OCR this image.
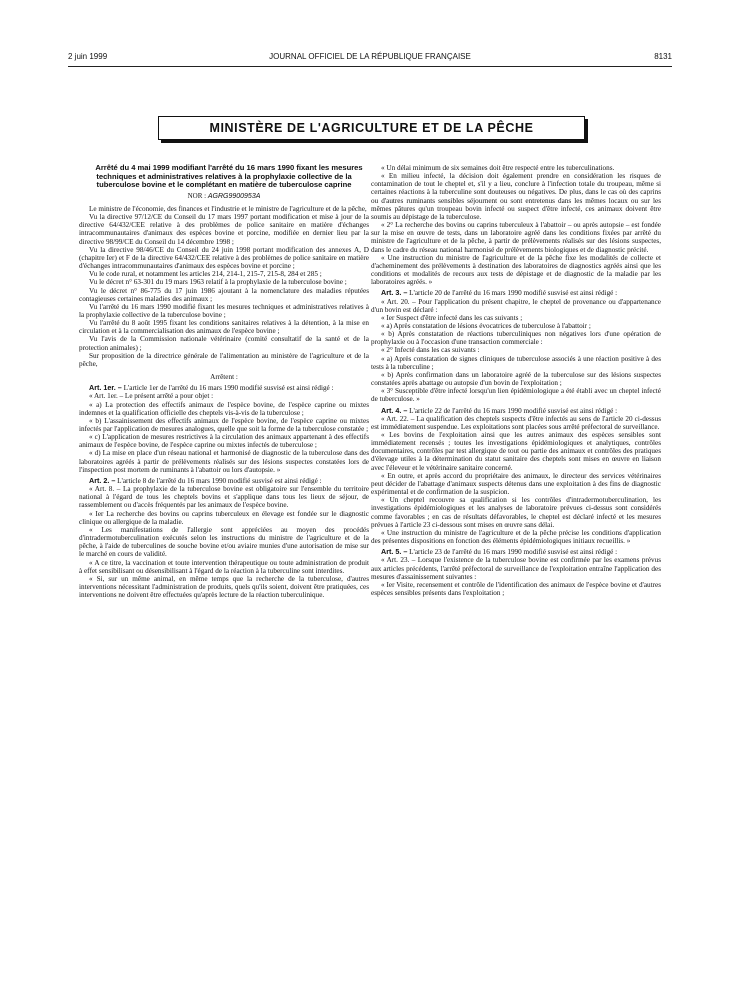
2 juin 1999	JOURNAL OFFICIEL DE LA RÉPUBLIQUE FRANÇAISE	8131
MINISTÈRE DE L'AGRICULTURE ET DE LA PÊCHE

Arrêté du 4 mai 1999 modifiant l'arrêté du 16 mars 1990 fixant les mesures techniques et administratives relatives à la prophylaxie collective de la tuberculose bovine et le complétant en matière de tuberculose caprine

NOR : AGRG9900953A

Le ministre de l'économie, des finances et l'industrie et le ministre de l'agriculture et de la pêche,

Vu la directive 97/12/CE du Conseil du 17 mars 1997 portant modification et mise à jour de la directive 64/432/CEE relative à des problèmes de police sanitaire en matière d'échanges intracommunautaires d'animaux des espèces bovine et porcine, modifiée en dernier lieu par la directive 98/99/CE du Conseil du 14 décembre 1998 ;

Vu la directive 98/46/CE du Conseil du 24 juin 1998 portant modification des annexes A, D (chapitre Ier) et F de la directive 64/432/CEE relative à des problèmes de police sanitaire en matière d'échanges intracommunautaires d'animaux des espèces bovine et porcine ;

Vu le code rural, et notamment les articles 214, 214-1, 215-7, 215-8, 284 et 285 ;

Vu le décret n° 63-301 du 19 mars 1963 relatif à la prophylaxie de la tuberculose bovine ;

Vu le décret n° 86-775 du 17 juin 1986 ajoutant à la nomenclature des maladies réputées contagieuses certaines maladies des animaux ;

Vu l'arrêté du 16 mars 1990 modifié fixant les mesures techniques et administratives relatives à la prophylaxie collective de la tuberculose bovine ;

Vu l'arrêté du 8 août 1995 fixant les conditions sanitaires relatives à la détention, à la mise en circulation et à la commercialisation des animaux de l'espèce bovine ;

Vu l'avis de la Commission nationale vétérinaire (comité consultatif de la santé et de la protection animales) ;

Sur proposition de la directrice générale de l'alimentation au ministère de l'agriculture et de la pêche,

Arrêtent :

Art. 1er. – L'article 1er de l'arrêté du 16 mars 1990 modifié susvisé est ainsi rédigé :

« Art. 1er. – Le présent arrêté a pour objet :

« a) La protection des effectifs animaux de l'espèce bovine, de l'espèce caprine ou mixtes indemnes et la qualification officielle des cheptels vis-à-vis de la tuberculose ;

« b) L'assainissement des effectifs animaux de l'espèce bovine, de l'espèce caprine ou mixtes infectés par l'application de mesures analogues, quelle que soit la forme de la tuberculose constatée ;

« c) L'application de mesures restrictives à la circulation des animaux appartenant à des effectifs animaux de l'espèce bovine, de l'espèce caprine ou mixtes infectés de tuberculose ;

« d) La mise en place d'un réseau national et harmonisé de diagnostic de la tuberculose dans des laboratoires agréés à partir de prélèvements réalisés sur des lésions suspectes constatées lors de l'inspection post mortem de ruminants à l'abattoir ou lors d'autopsie. »

Art. 2. – L'article 8 de l'arrêté du 16 mars 1990 modifié susvisé est ainsi rédigé :

« Art. 8. – La prophylaxie de la tuberculose bovine est obligatoire sur l'ensemble du territoire national à l'égard de tous les cheptels bovins et s'applique dans tous les lieux de séjour, de rassemblement ou d'accès fréquentés par les animaux de l'espèce bovine.

« Ier La recherche des bovins ou caprins tuberculeux en élevage est fondée sur le diagnostic clinique ou allergique de la maladie.

« Les manifestations de l'allergie sont appréciées au moyen des procédés d'intradermotuberculination exécutés selon les instructions du ministre de l'agriculture et de la pêche, à l'aide de tuberculines de souche bovine et/ou aviaire munies d'une autorisation de mise sur le marché en cours de validité.

« A ce titre, la vaccination et toute intervention thérapeutique ou toute administration de produit à effet sensibilisant ou désensibilisant à l'égard de la réaction à la tuberculine sont interdites.

« Si, sur un même animal, en même temps que la recherche de la tuberculose, d'autres interventions nécessitant l'administration de produits, quels qu'ils soient, doivent être pratiquées, ces interventions ne doivent être effectuées qu'après lecture de la réaction tuberculinique.

« Un délai minimum de six semaines doit être respecté entre les tuberculinations.

« En milieu infecté, la décision doit également prendre en considération les risques de contamination de tout le cheptel et, s'il y a lieu, conclure à l'infection totale du troupeau, même si certaines réactions à la tuberculine sont douteuses ou négatives. De plus, dans le cas où des caprins ou d'autres ruminants sensibles séjournent ou sont entretenus dans les mêmes locaux ou sur les mêmes pâtures qu'un troupeau bovin infecté ou suspect d'être infecté, ces animaux doivent être soumis au dépistage de la tuberculose.

« 2° La recherche des bovins ou caprins tuberculeux à l'abattoir – ou après autopsie – est fondée sur la mise en œuvre de tests, dans un laboratoire agréé dans les conditions fixées par arrêté du ministre de l'agriculture et de la pêche, à partir de prélèvements réalisés sur des lésions suspectes, dans le cadre du réseau national harmonisé de prélèvements biologiques et de diagnostic précité.

« Une instruction du ministre de l'agriculture et de la pêche fixe les modalités de collecte et d'acheminement des prélèvements à destination des laboratoires de diagnostics agréés ainsi que les conditions et modalités de recours aux tests de dépistage et de diagnostic de la maladie par les laboratoires agréés. »

Art. 3. – L'article 20 de l'arrêté du 16 mars 1990 modifié susvisé est ainsi rédigé :

« Art. 20. – Pour l'application du présent chapitre, le cheptel de provenance ou d'appartenance d'un bovin est déclaré :

« Ier Suspect d'être infecté dans les cas suivants ;

« a) Après constatation de lésions évocatrices de tuberculose à l'abattoir ;

« b) Après constatation de réactions tuberculiniques non négatives lors d'une opération de prophylaxie ou à l'occasion d'une transaction commerciale :

« 2° Infecté dans les cas suivants :

« a) Après constatation de signes cliniques de tuberculose associés à une réaction positive à des tests à la tuberculine ;

« b) Après confirmation dans un laboratoire agréé de la tuberculose sur des lésions suspectes constatées après abattage ou autopsie d'un bovin de l'exploitation ;

« 3° Susceptible d'être infecté lorsqu'un lien épidémiologique a été établi avec un cheptel infecté de tuberculose. »

Art. 4. – L'article 22 de l'arrêté du 16 mars 1990 modifié susvisé est ainsi rédigé :

« Art. 22. – La qualification des cheptels suspects d'être infectés au sens de l'article 20 ci-dessus est immédiatement suspendue. Les exploitations sont placées sous arrêté préfectoral de surveillance.

« Les bovins de l'exploitation ainsi que les autres animaux des espèces sensibles sont immédiatement recensés ; toutes les investigations épidémiologiques et analytiques, contrôles documentaires, contrôles par test allergique de tout ou partie des animaux et contrôles des pratiques d'élevage utiles à la détermination du statut sanitaire des cheptels sont mises en œuvre en liaison avec l'éleveur et le vétérinaire sanitaire concerné.

« En outre, et après accord du propriétaire des animaux, le directeur des services vétérinaires peut décider de l'abattage d'animaux suspects détenus dans une exploitation à des fins de diagnostic expérimental et de confirmation de la suspicion.

« Un cheptel recouvre sa qualification si les contrôles d'intradermotuberculination, les investigations épidémiologiques et les analyses de laboratoire prévues ci-dessus sont considérés comme favorables ; en cas de résultats défavorables, le cheptel est déclaré infecté et les mesures prévues à l'article 23 ci-dessous sont mises en œuvre sans délai.

« Une instruction du ministre de l'agriculture et de la pêche précise les conditions d'application des présentes dispositions en fonction des éléments épidémiologiques initiaux recueillis. »

Art. 5. – L'article 23 de l'arrêté du 16 mars 1990 modifié susvisé est ainsi rédigé :

« Art. 23. – Lorsque l'existence de la tuberculose bovine est confirmée par les examens prévus aux articles précédents, l'arrêté préfectoral de surveillance de l'exploitation entraîne l'application des mesures d'assainissement suivantes :

« Ier Visite, recensement et contrôle de l'identification des animaux de l'espèce bovine et d'autres espèces sensibles présents dans l'exploitation ;
